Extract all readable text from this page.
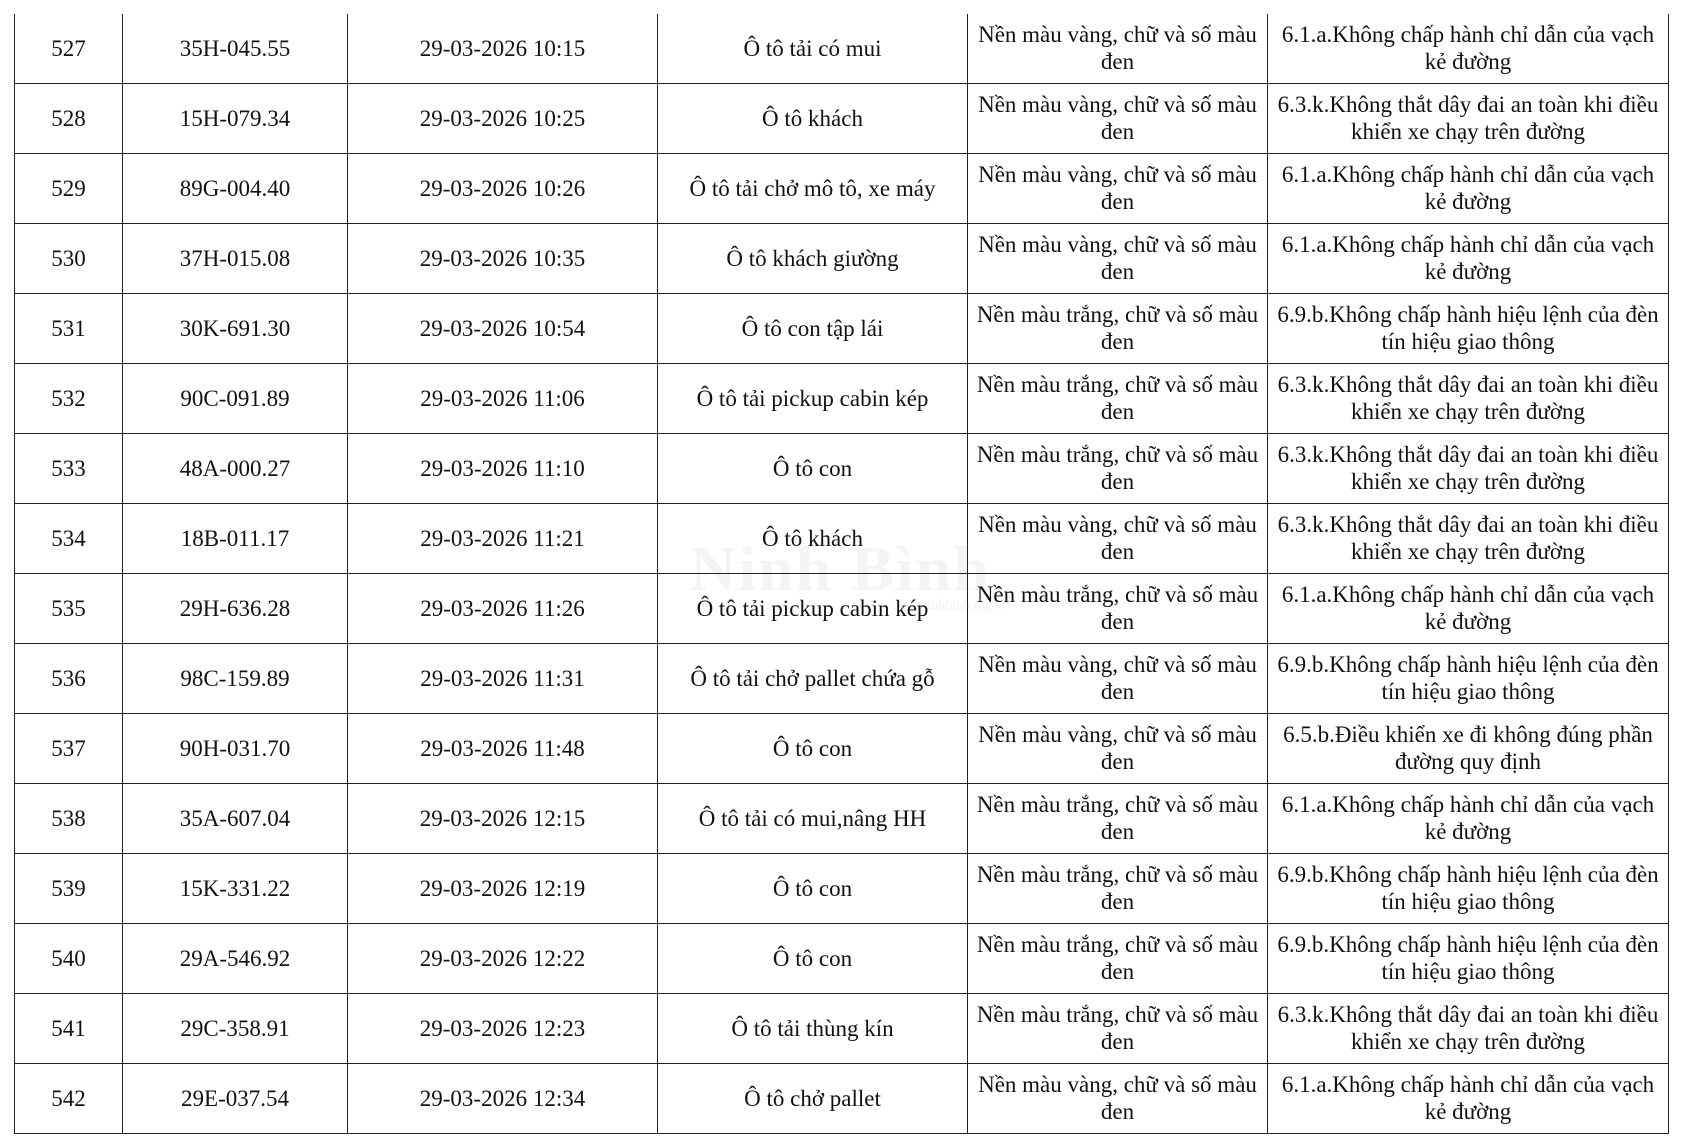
527	35H-045.55	29-03-2026 10:15	Ô tô tải có mui	Nền màu vàng, chữ và số màu đen	6.1.a.Không chấp hành chỉ dẫn của vạch kẻ đường
528	15H-079.34	29-03-2026 10:25	Ô tô khách	Nền màu vàng, chữ và số màu đen	6.3.k.Không thắt dây đai an toàn khi điều khiển xe chạy trên đường
529	89G-004.40	29-03-2026 10:26	Ô tô tải chở mô tô, xe máy	Nền màu vàng, chữ và số màu đen	6.1.a.Không chấp hành chỉ dẫn của vạch kẻ đường
530	37H-015.08	29-03-2026 10:35	Ô tô khách giường	Nền màu vàng, chữ và số màu đen	6.1.a.Không chấp hành chỉ dẫn của vạch kẻ đường
531	30K-691.30	29-03-2026 10:54	Ô tô con tập lái	Nền màu trắng, chữ và số màu đen	6.9.b.Không chấp hành hiệu lệnh của đèn tín hiệu giao thông
532	90C-091.89	29-03-2026 11:06	Ô tô tải pickup cabin kép	Nền màu trắng, chữ và số màu đen	6.3.k.Không thắt dây đai an toàn khi điều khiển xe chạy trên đường
533	48A-000.27	29-03-2026 11:10	Ô tô con	Nền màu trắng, chữ và số màu đen	6.3.k.Không thắt dây đai an toàn khi điều khiển xe chạy trên đường
534	18B-011.17	29-03-2026 11:21	Ô tô khách	Nền màu vàng, chữ và số màu đen	6.3.k.Không thắt dây đai an toàn khi điều khiển xe chạy trên đường
535	29H-636.28	29-03-2026 11:26	Ô tô tải pickup cabin kép	Nền màu trắng, chữ và số màu đen	6.1.a.Không chấp hành chỉ dẫn của vạch kẻ đường
536	98C-159.89	29-03-2026 11:31	Ô tô tải chở pallet chứa gỗ	Nền màu vàng, chữ và số màu đen	6.9.b.Không chấp hành hiệu lệnh của đèn tín hiệu giao thông
537	90H-031.70	29-03-2026 11:48	Ô tô con	Nền màu vàng, chữ và số màu đen	6.5.b.Điều khiển xe đi không đúng phần đường quy định
538	35A-607.04	29-03-2026 12:15	Ô tô tải có mui,nâng HH	Nền màu trắng, chữ và số màu đen	6.1.a.Không chấp hành chỉ dẫn của vạch kẻ đường
539	15K-331.22	29-03-2026 12:19	Ô tô con	Nền màu trắng, chữ và số màu đen	6.9.b.Không chấp hành hiệu lệnh của đèn tín hiệu giao thông
540	29A-546.92	29-03-2026 12:22	Ô tô con	Nền màu trắng, chữ và số màu đen	6.9.b.Không chấp hành hiệu lệnh của đèn tín hiệu giao thông
541	29C-358.91	29-03-2026 12:23	Ô tô tải thùng kín	Nền màu trắng, chữ và số màu đen	6.3.k.Không thắt dây đai an toàn khi điều khiển xe chạy trên đường
542	29E-037.54	29-03-2026 12:34	Ô tô chở pallet	Nền màu vàng, chữ và số màu đen	6.1.a.Không chấp hành chỉ dẫn của vạch kẻ đường
baoninhbinh.org.vn
